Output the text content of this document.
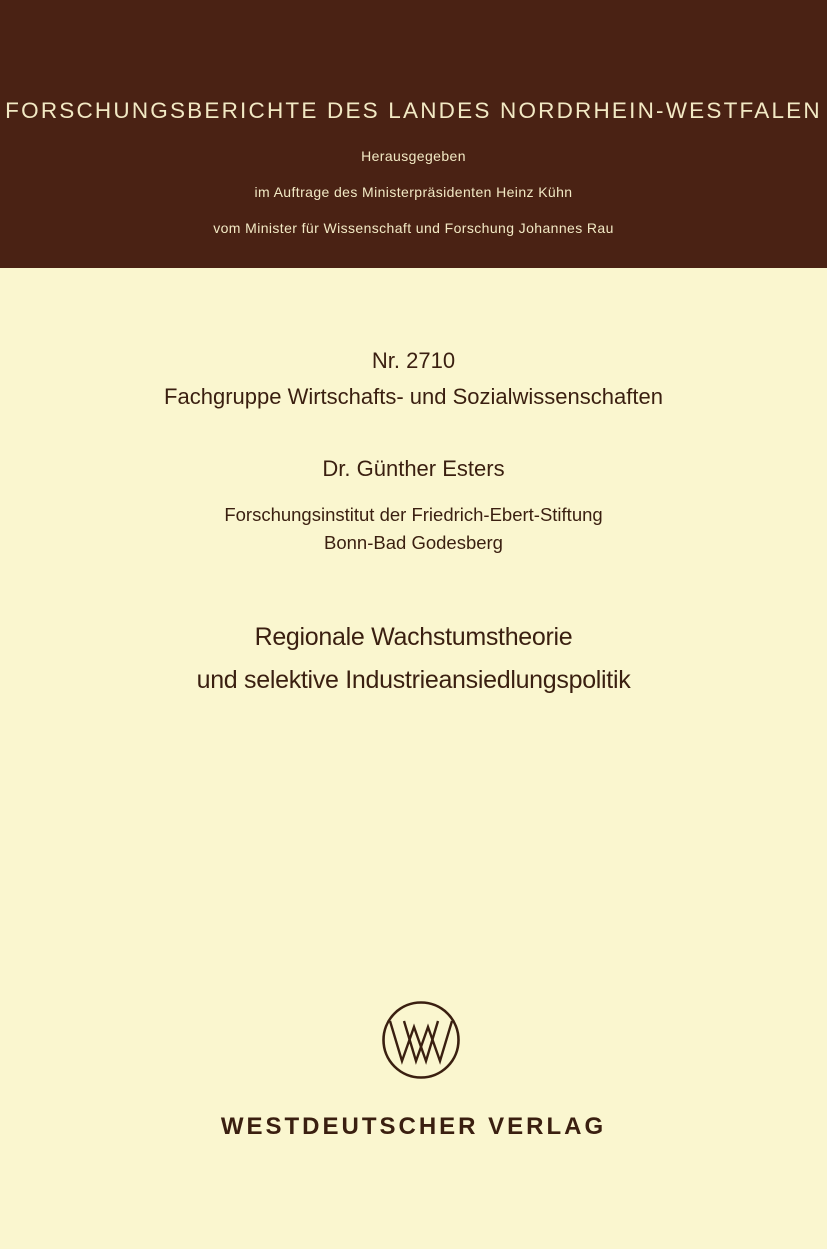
FORSCHUNGSBERICHTE DES LANDES NORDRHEIN-WESTFALEN
Herausgegeben
im Auftrage des Ministerpräsidenten Heinz Kühn
vom Minister für Wissenschaft und Forschung Johannes Rau
Nr. 2710
Fachgruppe Wirtschafts- und Sozialwissenschaften
Dr. Günther Esters
Forschungsinstitut der Friedrich-Ebert-Stiftung
Bonn-Bad Godesberg
Regionale Wachstumstheorie
und selektive Industrieansiedlungspolitik
WESTDEUTSCHER VERLAG
